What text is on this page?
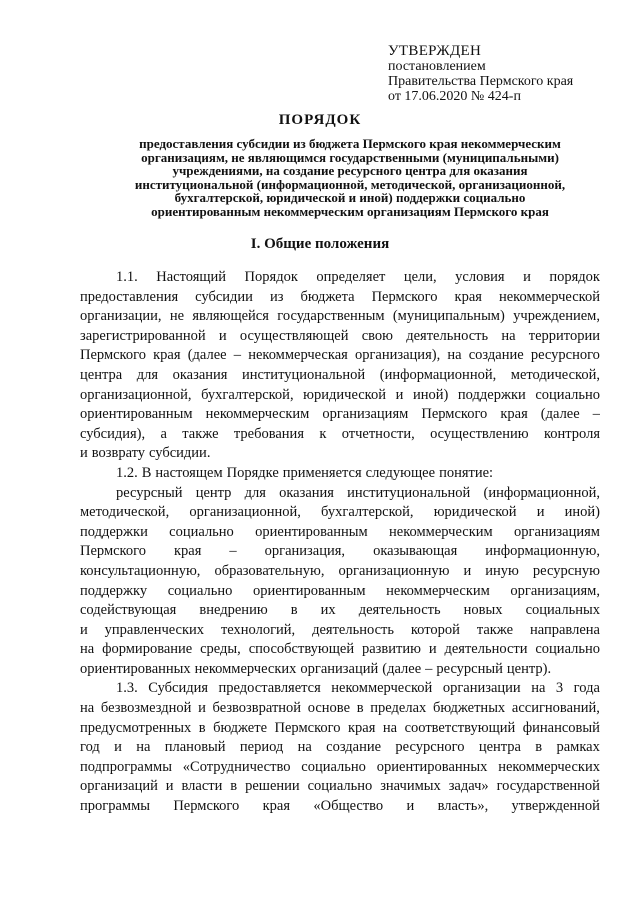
УТВЕРЖДЕН
постановлением
Правительства Пермского края
от 17.06.2020 № 424-п
ПОРЯДОК
предоставления субсидии из бюджета Пермского края некоммерческим
организациям, не являющимся государственными (муниципальными)
учреждениями, на создание ресурсного центра для оказания
институциональной (информационной, методической, организационной,
бухгалтерской, юридической и иной) поддержки социально
ориентированным некоммерческим организациям Пермского края
I. Общие положения
1.1. Настоящий Порядок определяет цели, условия и порядок
предоставления субсидии из бюджета Пермского края некоммерческой
организации, не являющейся государственным (муниципальным) учреждением,
зарегистрированной и осуществляющей свою деятельность на территории
Пермского края (далее – некоммерческая организация), на создание ресурсного
центра для оказания институциональной (информационной, методической,
организационной, бухгалтерской, юридической и иной) поддержки социально
ориентированным некоммерческим организациям Пермского края (далее –
субсидия), а также требования к отчетности, осуществлению контроля
и возврату субсидии.
1.2. В настоящем Порядке применяется следующее понятие:
ресурсный центр для оказания институциональной (информационной,
методической, организационной, бухгалтерской, юридической и иной)
поддержки социально ориентированным некоммерческим организациям
Пермского края – организация, оказывающая информационную,
консультационную, образовательную, организационную и иную ресурсную
поддержку социально ориентированным некоммерческим организациям,
содействующая внедрению в их деятельность новых социальных
и управленческих технологий, деятельность которой также направлена
на формирование среды, способствующей развитию и деятельности социально
ориентированных некоммерческих организаций (далее – ресурсный центр).
1.3. Субсидия предоставляется некоммерческой организации на 3 года
на безвозмездной и безвозвратной основе в пределах бюджетных ассигнований,
предусмотренных в бюджете Пермского края на соответствующий финансовый
год и на плановый период на создание ресурсного центра в рамках
подпрограммы «Сотрудничество социально ориентированных некоммерческих
организаций и власти в решении социально значимых задач» государственной
программы Пермского края «Общество и власть», утвержденной
